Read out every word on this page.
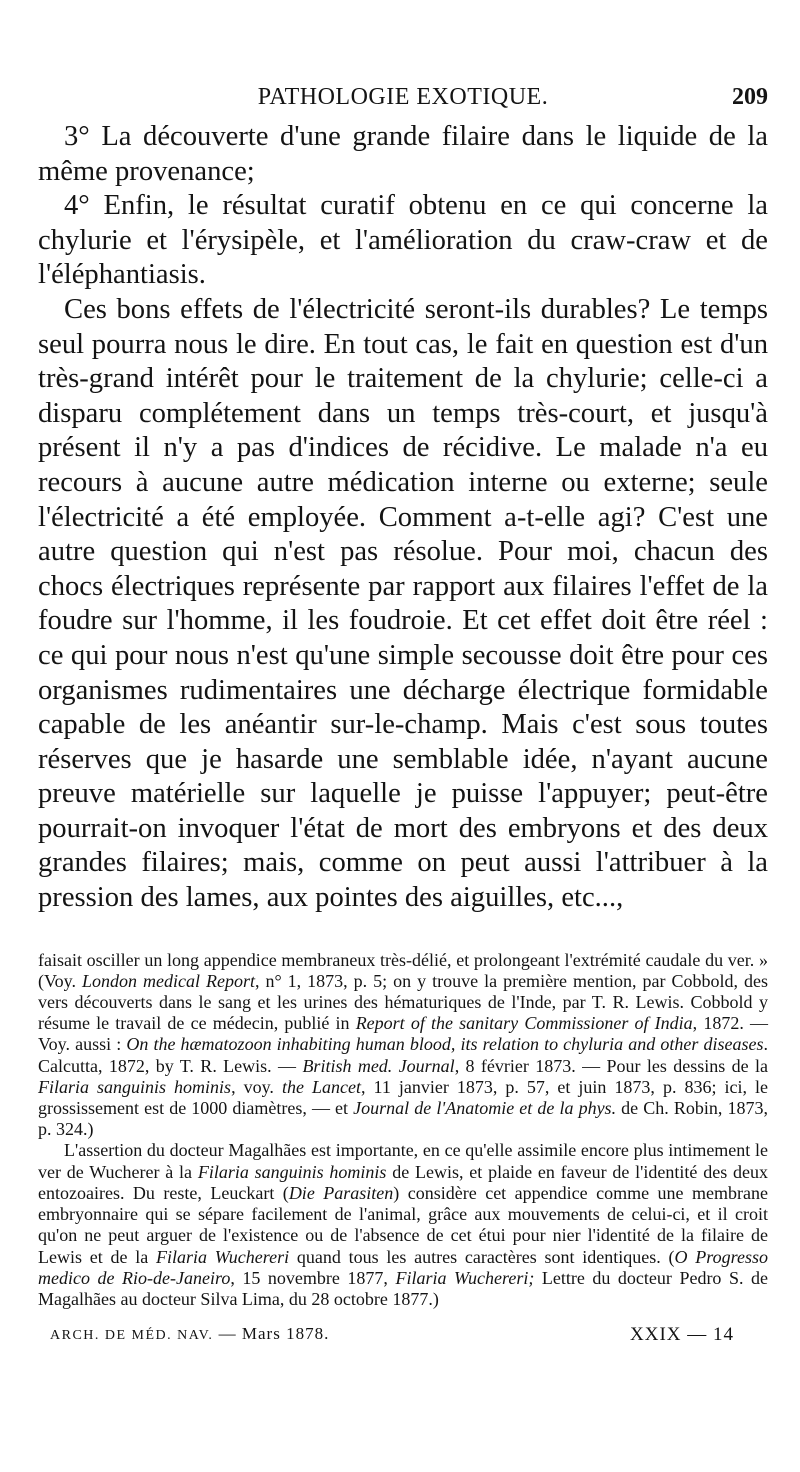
PATHOLOGIE EXOTIQUE.	209

3° La découverte d'une grande filaire dans le liquide de la même provenance;

4° Enfin, le résultat curatif obtenu en ce qui concerne la chylurie et l'érysipèle, et l'amélioration du craw-craw et de l'éléphantiasis.

Ces bons effets de l'électricité seront-ils durables? Le temps seul pourra nous le dire. En tout cas, le fait en question est d'un très-grand intérêt pour le traitement de la chylurie; celle-ci a disparu complétement dans un temps très-court, et jusqu'à présent il n'y a pas d'indices de récidive. Le malade n'a eu recours à aucune autre médication interne ou externe; seule l'électricité a été employée. Comment a-t-elle agi? C'est une autre question qui n'est pas résolue. Pour moi, chacun des chocs électriques représente par rapport aux filaires l'effet de la foudre sur l'homme, il les foudroie. Et cet effet doit être réel : ce qui pour nous n'est qu'une simple secousse doit être pour ces organismes rudimentaires une décharge électrique formidable capable de les anéantir sur-le-champ. Mais c'est sous toutes réserves que je hasarde une semblable idée, n'ayant aucune preuve matérielle sur laquelle je puisse l'appuyer; peut-être pourrait-on invoquer l'état de mort des embryons et des deux grandes filaires; mais, comme on peut aussi l'attribuer à la pression des lames, aux pointes des aiguilles, etc...,

faisait osciller un long appendice membraneux très-délié, et prolongeant l'extrémité caudale du ver. » (Voy. London medical Report, n° 1, 1873, p. 5; on y trouve la première mention, par Cobbold, des vers découverts dans le sang et les urines des hématuriques de l'Inde, par T. R. Lewis. Cobbold y résume le travail de ce médecin, publié in Report of the sanitary Commissioner of India, 1872. — Voy. aussi : On the hæmatozoon inhabiting human blood, its relation to chyluria and other diseases. Calcutta, 1872, by T. R. Lewis. — British med. Journal, 8 février 1873. — Pour les dessins de la Filaria sanguinis hominis, voy. the Lancet, 11 janvier 1873, p. 57, et juin 1873, p. 836; ici, le grossissement est de 1000 diamètres, — et Journal de l'Anatomie et de la phys. de Ch. Robin, 1873, p. 324.)

L'assertion du docteur Magalhães est importante, en ce qu'elle assimile encore plus intimement le ver de Wucherer à la Filaria sanguinis hominis de Lewis, et plaide en faveur de l'identité des deux entozoaires. Du reste, Leuckart (Die Parasiten) considère cet appendice comme une membrane embryonnaire qui se sépare facilement de l'animal, grâce aux mouvements de celui-ci, et il croit qu'on ne peut arguer de l'existence ou de l'absence de cet étui pour nier l'identité de la filaire de Lewis et de la Filaria Wuchereri quand tous les autres caractères sont identiques. (O Progresso medico de Rio-de-Janeiro, 15 novembre 1877, Filaria Wuchereri; Lettre du docteur Pedro S. de Magalhães au docteur Silva Lima, du 28 octobre 1877.)

ARCH. DE MÉD. NAV. — Mars 1878.	XXIX — 14
